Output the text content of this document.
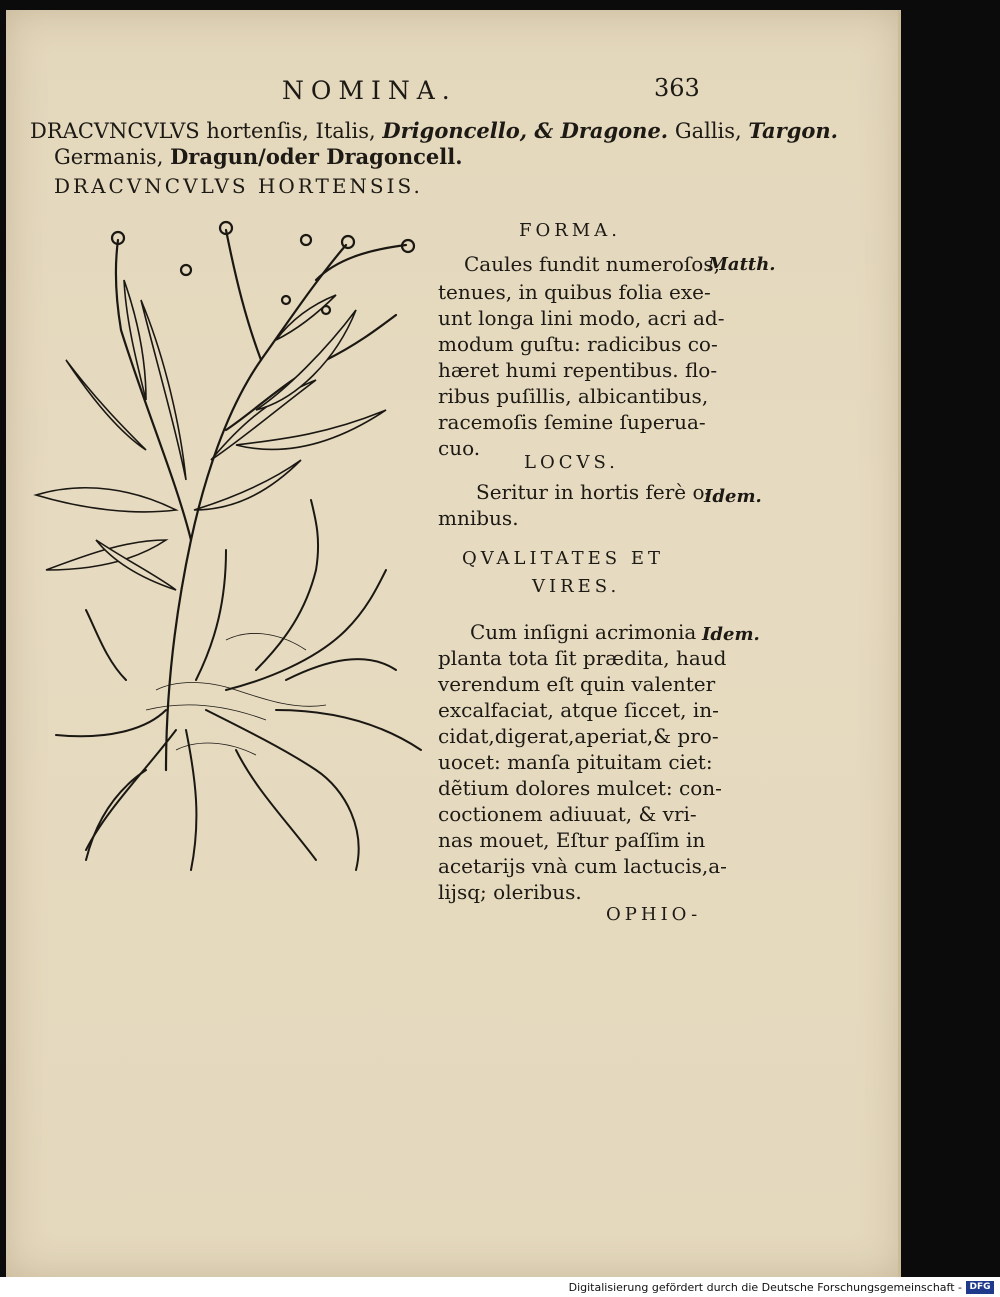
NOMINA.	363
DRACVNCVLVS hortenſis, Italis, Drigoncello, & Dragone. Gallis, Targon.
Germanis, Dragun/oder Dragoncell.
DRACVNCVLVS HORTENSIS.
FORMA.
Caules fundit numeroſos,
tenues, in quibus folia exe-
unt longa lini modo, acri ad-
modum guſtu: radicibus co-
hæret humi repentibus. flo-
ribus puſillis, albicantibus,
racemoſis ſemine ſuperua-
cuo.
Matth.
LOCVS.
Seritur in hortis ferè o-
mnibus.
Idem.
QVALITATES ET
VIRES.
Cum inſigni acrimonia
planta tota ſit prædita, haud
verendum eſt quin valenter
excalfaciat, atque ſiccet, in-
cidat,digerat,aperiat,& pro-
uocet: manſa pituitam ciet:
dẽtium dolores mulcet: con-
coctionem adiuuat, & vri-
nas mouet, Eſtur paſſim in
acetarijs vnà cum lactucis,a-
lijsq; oleribus.
Idem.
OPHIO-
Digitalisierung gefördert durch die Deutsche Forschungsgemeinschaft - DFG
